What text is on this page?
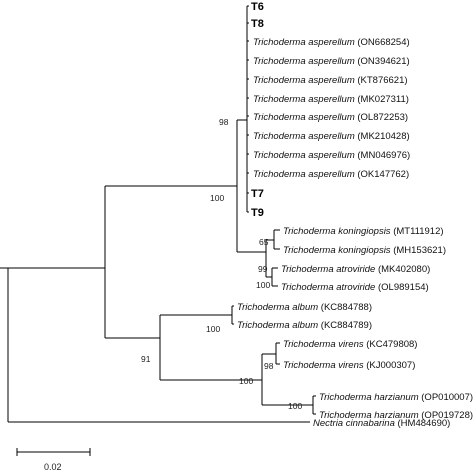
T6
T8
Trichoderma asperellum (ON668254)
Trichoderma asperellum (ON394621)
Trichoderma asperellum (KT876621)
Trichoderma asperellum (MK027311)
Trichoderma asperellum (OL872253)
Trichoderma asperellum (MK210428)
Trichoderma asperellum (MN046976)
Trichoderma asperellum (OK147762)
T7
T9
Trichoderma koningiopsis (MT111912)
Trichoderma koningiopsis (MH153621)
Trichoderma atroviride (MK402080)
Trichoderma atroviride (OL989154)
Trichoderma album (KC884788)
Trichoderma album (KC884789)
Trichoderma virens (KC479808)
Trichoderma virens (KJ000307)
Trichoderma harzianum (OP010007)
Trichoderma harzianum (OP019728)
Nectria cinnabarina (HM484690)
98
100
65
99
100
100
98
100
100
91
0.02
